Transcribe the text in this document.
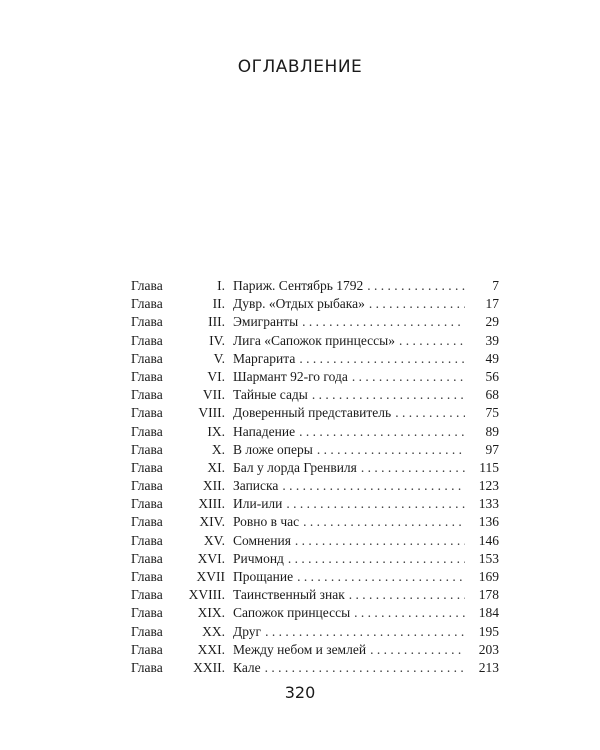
ОГЛАВЛЕНИЕ
Глава	I. Париж. Сентябрь 1792 . . .	7
Глава	II. Дувр. «Отдых рыбака» . . .	17
Глава	III. Эмигранты . . .	29
Глава	IV. Лига «Сапожок принцессы» . . .	39
Глава	V. Маргарита . . .	49
Глава	VI. Шармант 92-го года . . .	56
Глава	VII. Тайные сады . . .	68
Глава	VIII. Доверенный представитель . . .	75
Глава	IX. Нападение . . .	89
Глава	X. В ложе оперы . . .	97
Глава	XI. Бал у лорда Гренвиля . . .	115
Глава	XII. Записка . . .	123
Глава	XIII. Или-или . . .	133
Глава	XIV. Ровно в час . . .	136
Глава	XV. Сомнения . . .	146
Глава	XVI. Ричмонд . . .	153
Глава	XVII Прощание . . .	169
Глава	XVIII. Таинственный знак . . .	178
Глава	XIX. Сапожок принцессы . . .	184
Глава	XX. Друг . . .	195
Глава	XXI. Между небом и землей . . .	203
Глава	XXII. Кале . . .	213
320
